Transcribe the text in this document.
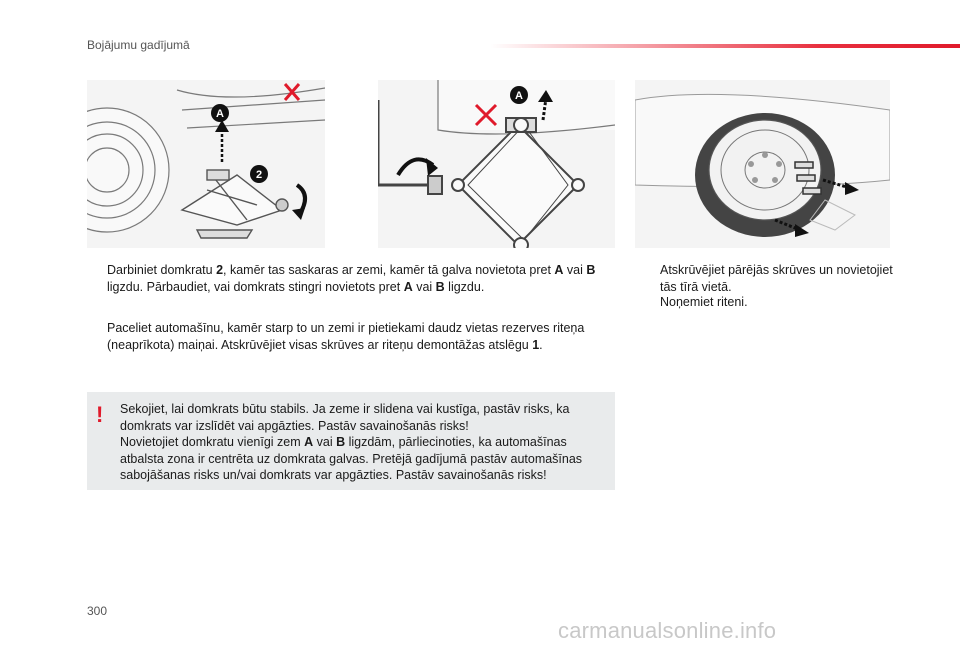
Bojājumu gadījumā
A
2
A
Darbiniet domkratu 2, kamēr tas saskaras ar zemi, kamēr tā galva novietota pret A vai B ligzdu. Pārbaudiet, vai domkrats stingri novietots pret A vai B ligzdu.
Paceliet automašīnu, kamēr starp to un zemi ir pietiekami daudz vietas rezerves riteņa (neaprīkota) maiņai. Atskrūvējiet visas skrūves ar riteņu demontāžas atslēgu 1.
Atskrūvējiet pārējās skrūves un novietojiet tās tīrā vietā.
Noņemiet riteni.
! Sekojiet, lai domkrats būtu stabils. Ja zeme ir slidena vai kustīga, pastāv risks, ka domkrats var izslīdēt vai apgāzties. Pastāv savainošanās risks!
Novietojiet domkratu vienīgi zem A vai B ligzdām, pārliecinoties, ka automašīnas atbalsta zona ir centrēta uz domkrata galvas. Pretējā gadījumā pastāv automašīnas sabojāšanas risks un/vai domkrats var apgāzties. Pastāv savainošanās risks!
300
carmanualsonline.info
